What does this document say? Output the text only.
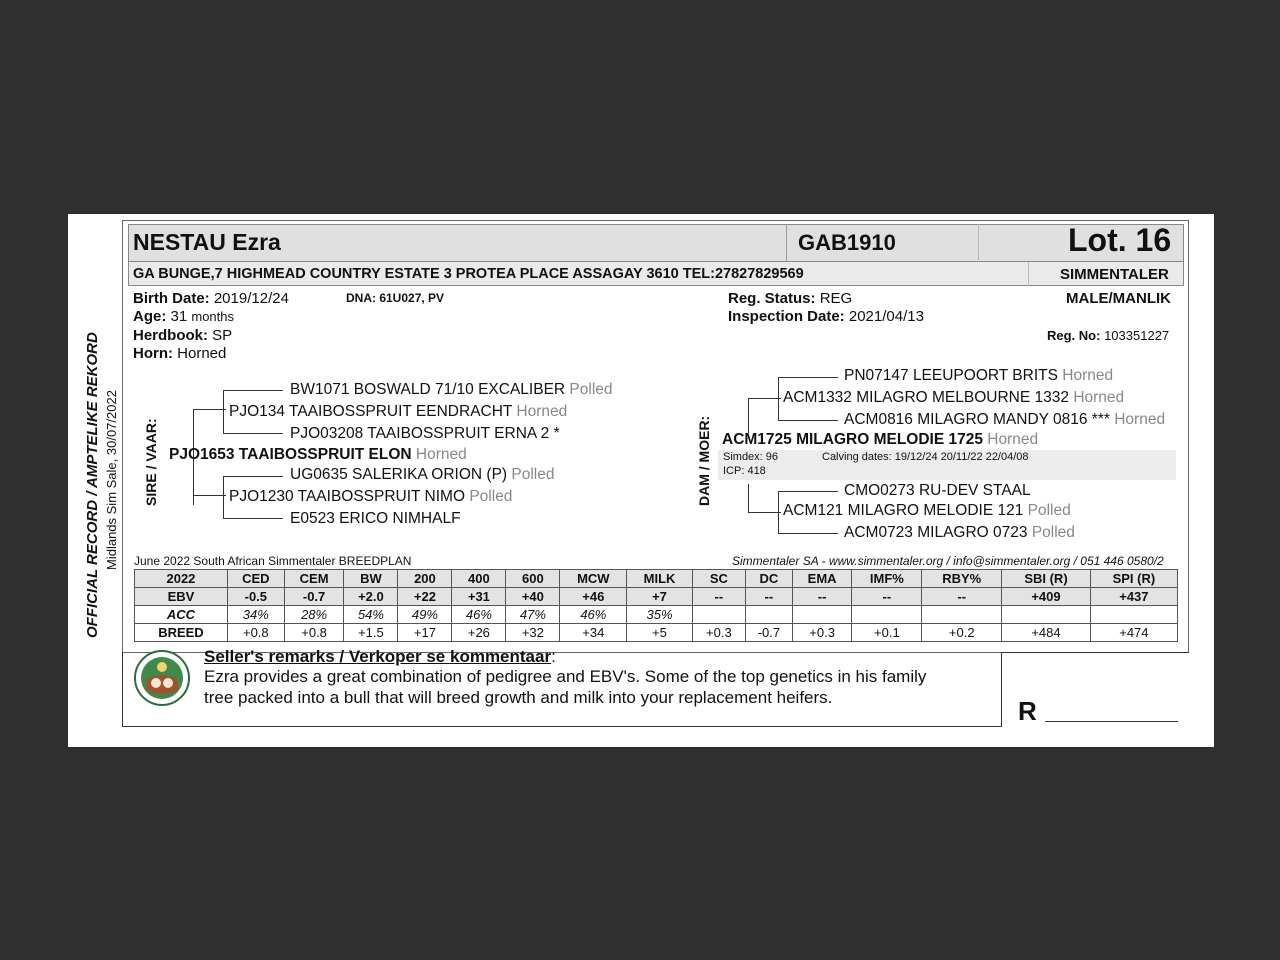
OFFICIAL RECORD / AMPTELIKE REKORD Midlands Sim Sale, 30/07/2022
NESTAU Ezra	GAB1910	Lot. 16
GA BUNGE,7 HIGHMEAD COUNTRY ESTATE 3 PROTEA PLACE ASSAGAY 3610 TEL:27827829569	SIMMENTALER
Birth Date: 2019/12/24	DNA: 61U027, PV
Age: 31 months
Herdbook: SP
Horn: Horned
Reg. Status: REG
Inspection Date: 2021/04/13
MALE/MANLIK
Reg. No: 103351227
SIRE / VAAR:
BW1071 BOSWALD 71/10 EXCALIBER Polled
PJO134 TAAIBOSSPRUIT EENDRACHT Horned
PJO03208 TAAIBOSSPRUIT ERNA 2 *
PJO1653 TAAIBOSSPRUIT ELON Horned
UG0635 SALERIKA ORION (P) Polled
PJO1230 TAAIBOSSPRUIT NIMO Polled
E0523 ERICO NIMHALF
DAM / MOER:
PN07147 LEEUPOORT BRITS Horned
ACM1332 MILAGRO MELBOURNE 1332 Horned
ACM0816 MILAGRO MANDY 0816 *** Horned
ACM1725 MILAGRO MELODIE 1725 Horned
Simdex: 96	Calving dates: 19/12/24 20/11/22 22/04/08
ICP: 418
CMO0273 RU-DEV STAAL
ACM121 MILAGRO MELODIE 121 Polled
ACM0723 MILAGRO 0723 Polled
June 2022 South African Simmentaler BREEDPLAN	Simmentaler SA - www.simmentaler.org / info@simmentaler.org / 051 446 0580/2
2022	CED	CEM	BW	200	400	600	MCW	MILK	SC	DC	EMA	IMF%	RBY%	SBI (R)	SPI (R)
EBV	-0.5	-0.7	+2.0	+22	+31	+40	+46	+7	--	--	--	--	--	+409	+437
ACC	34%	28%	54%	49%	46%	47%	46%	35%							
BREED	+0.8	+0.8	+1.5	+17	+26	+32	+34	+5	+0.3	-0.7	+0.3	+0.1	+0.2	+484	+474
Seller's remarks / Verkoper se kommentaar:
Ezra provides a great combination of pedigree and EBV's. Some of the top genetics in his family
tree packed into a bull that will breed growth and milk into your replacement heifers.	R
